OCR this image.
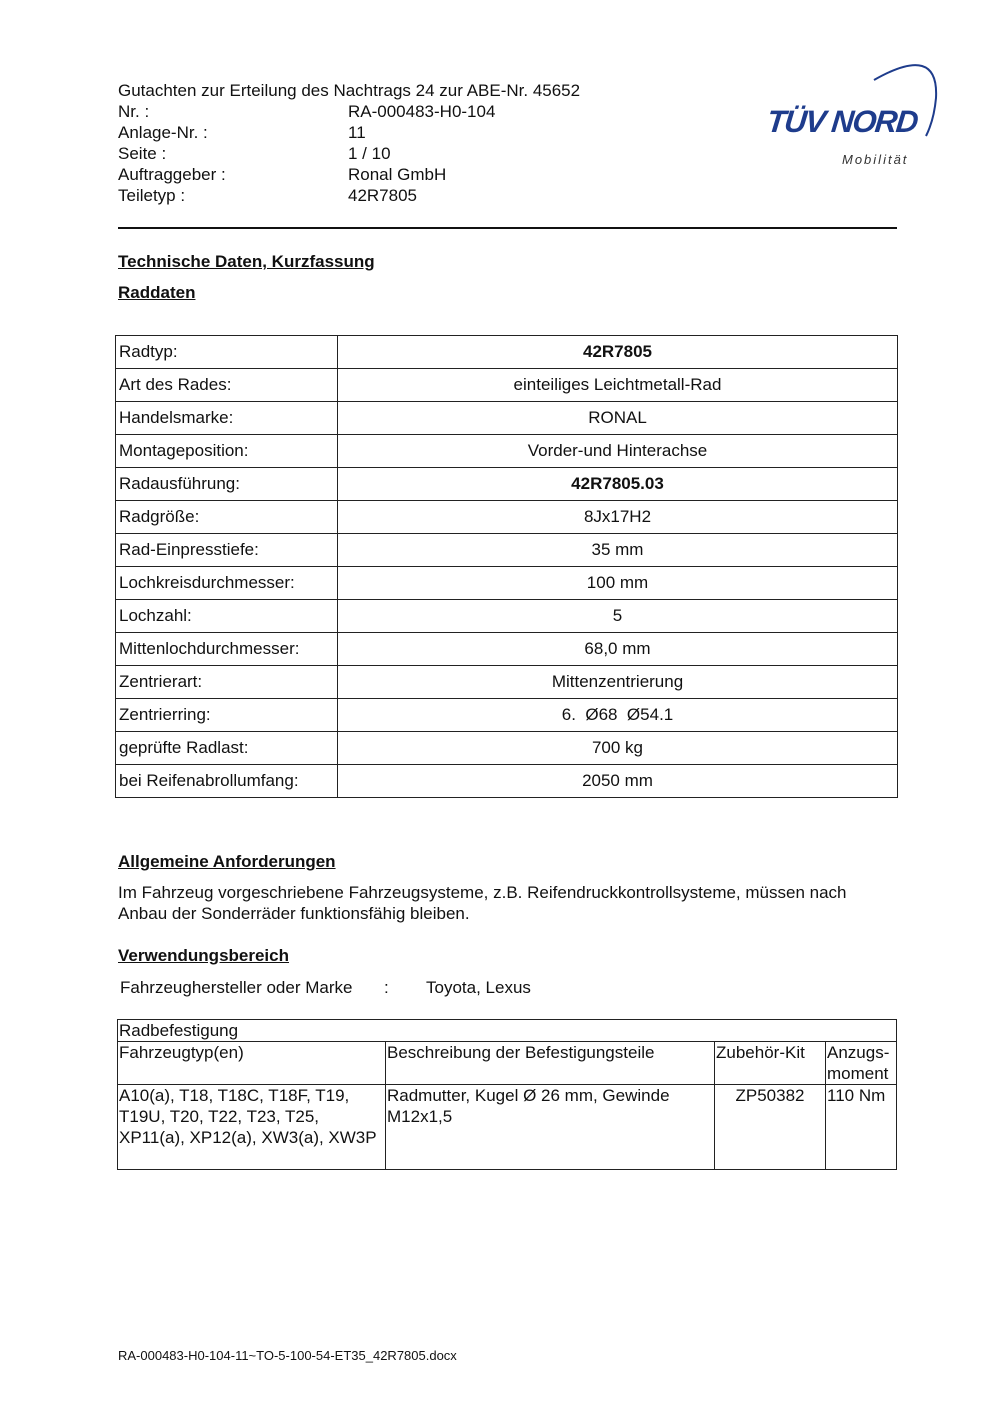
Gutachten zur Erteilung des Nachtrags 24 zur ABE-Nr. 45652
Nr. :	RA-000483-H0-104
Anlage-Nr. :	11
Seite :	1 / 10
Auftraggeber :	Ronal GmbH
Teiletyp :	42R7805
TÜV NORD
Mobilität
Technische Daten, Kurzfassung
Raddaten
Radtyp:	42R7805
Art des Rades:	einteiliges Leichtmetall-Rad
Handelsmarke:	RONAL
Montageposition:	Vorder-und Hinterachse
Radausführung:	42R7805.03
Radgröße:	8Jx17H2
Rad-Einpresstiefe:	35 mm
Lochkreisdurchmesser:	100 mm
Lochzahl:	5
Mittenlochdurchmesser:	68,0 mm
Zentrierart:	Mittenzentrierung
Zentrierring:	6.  Ø68  Ø54.1
geprüfte Radlast:	700 kg
bei Reifenabrollumfang:	2050 mm
Allgemeine Anforderungen
Im Fahrzeug vorgeschriebene Fahrzeugsysteme, z.B. Reifendruckkontrollsysteme, müssen nach Anbau der Sonderräder funktionsfähig bleiben.
Verwendungsbereich
Fahrzeughersteller oder Marke : Toyota, Lexus
Radbefestigung			
Fahrzeugtyp(en)	Beschreibung der Befestigungsteile	Zubehör-Kit	Anzugs-moment
A10(a), T18, T18C, T18F, T19, T19U, T20, T22, T23, T25, XP11(a), XP12(a), XW3(a), XW3P	Radmutter, Kugel Ø 26 mm, Gewinde M12x1,5	ZP50382	110 Nm
RA-000483-H0-104-11~TO-5-100-54-ET35_42R7805.docx
